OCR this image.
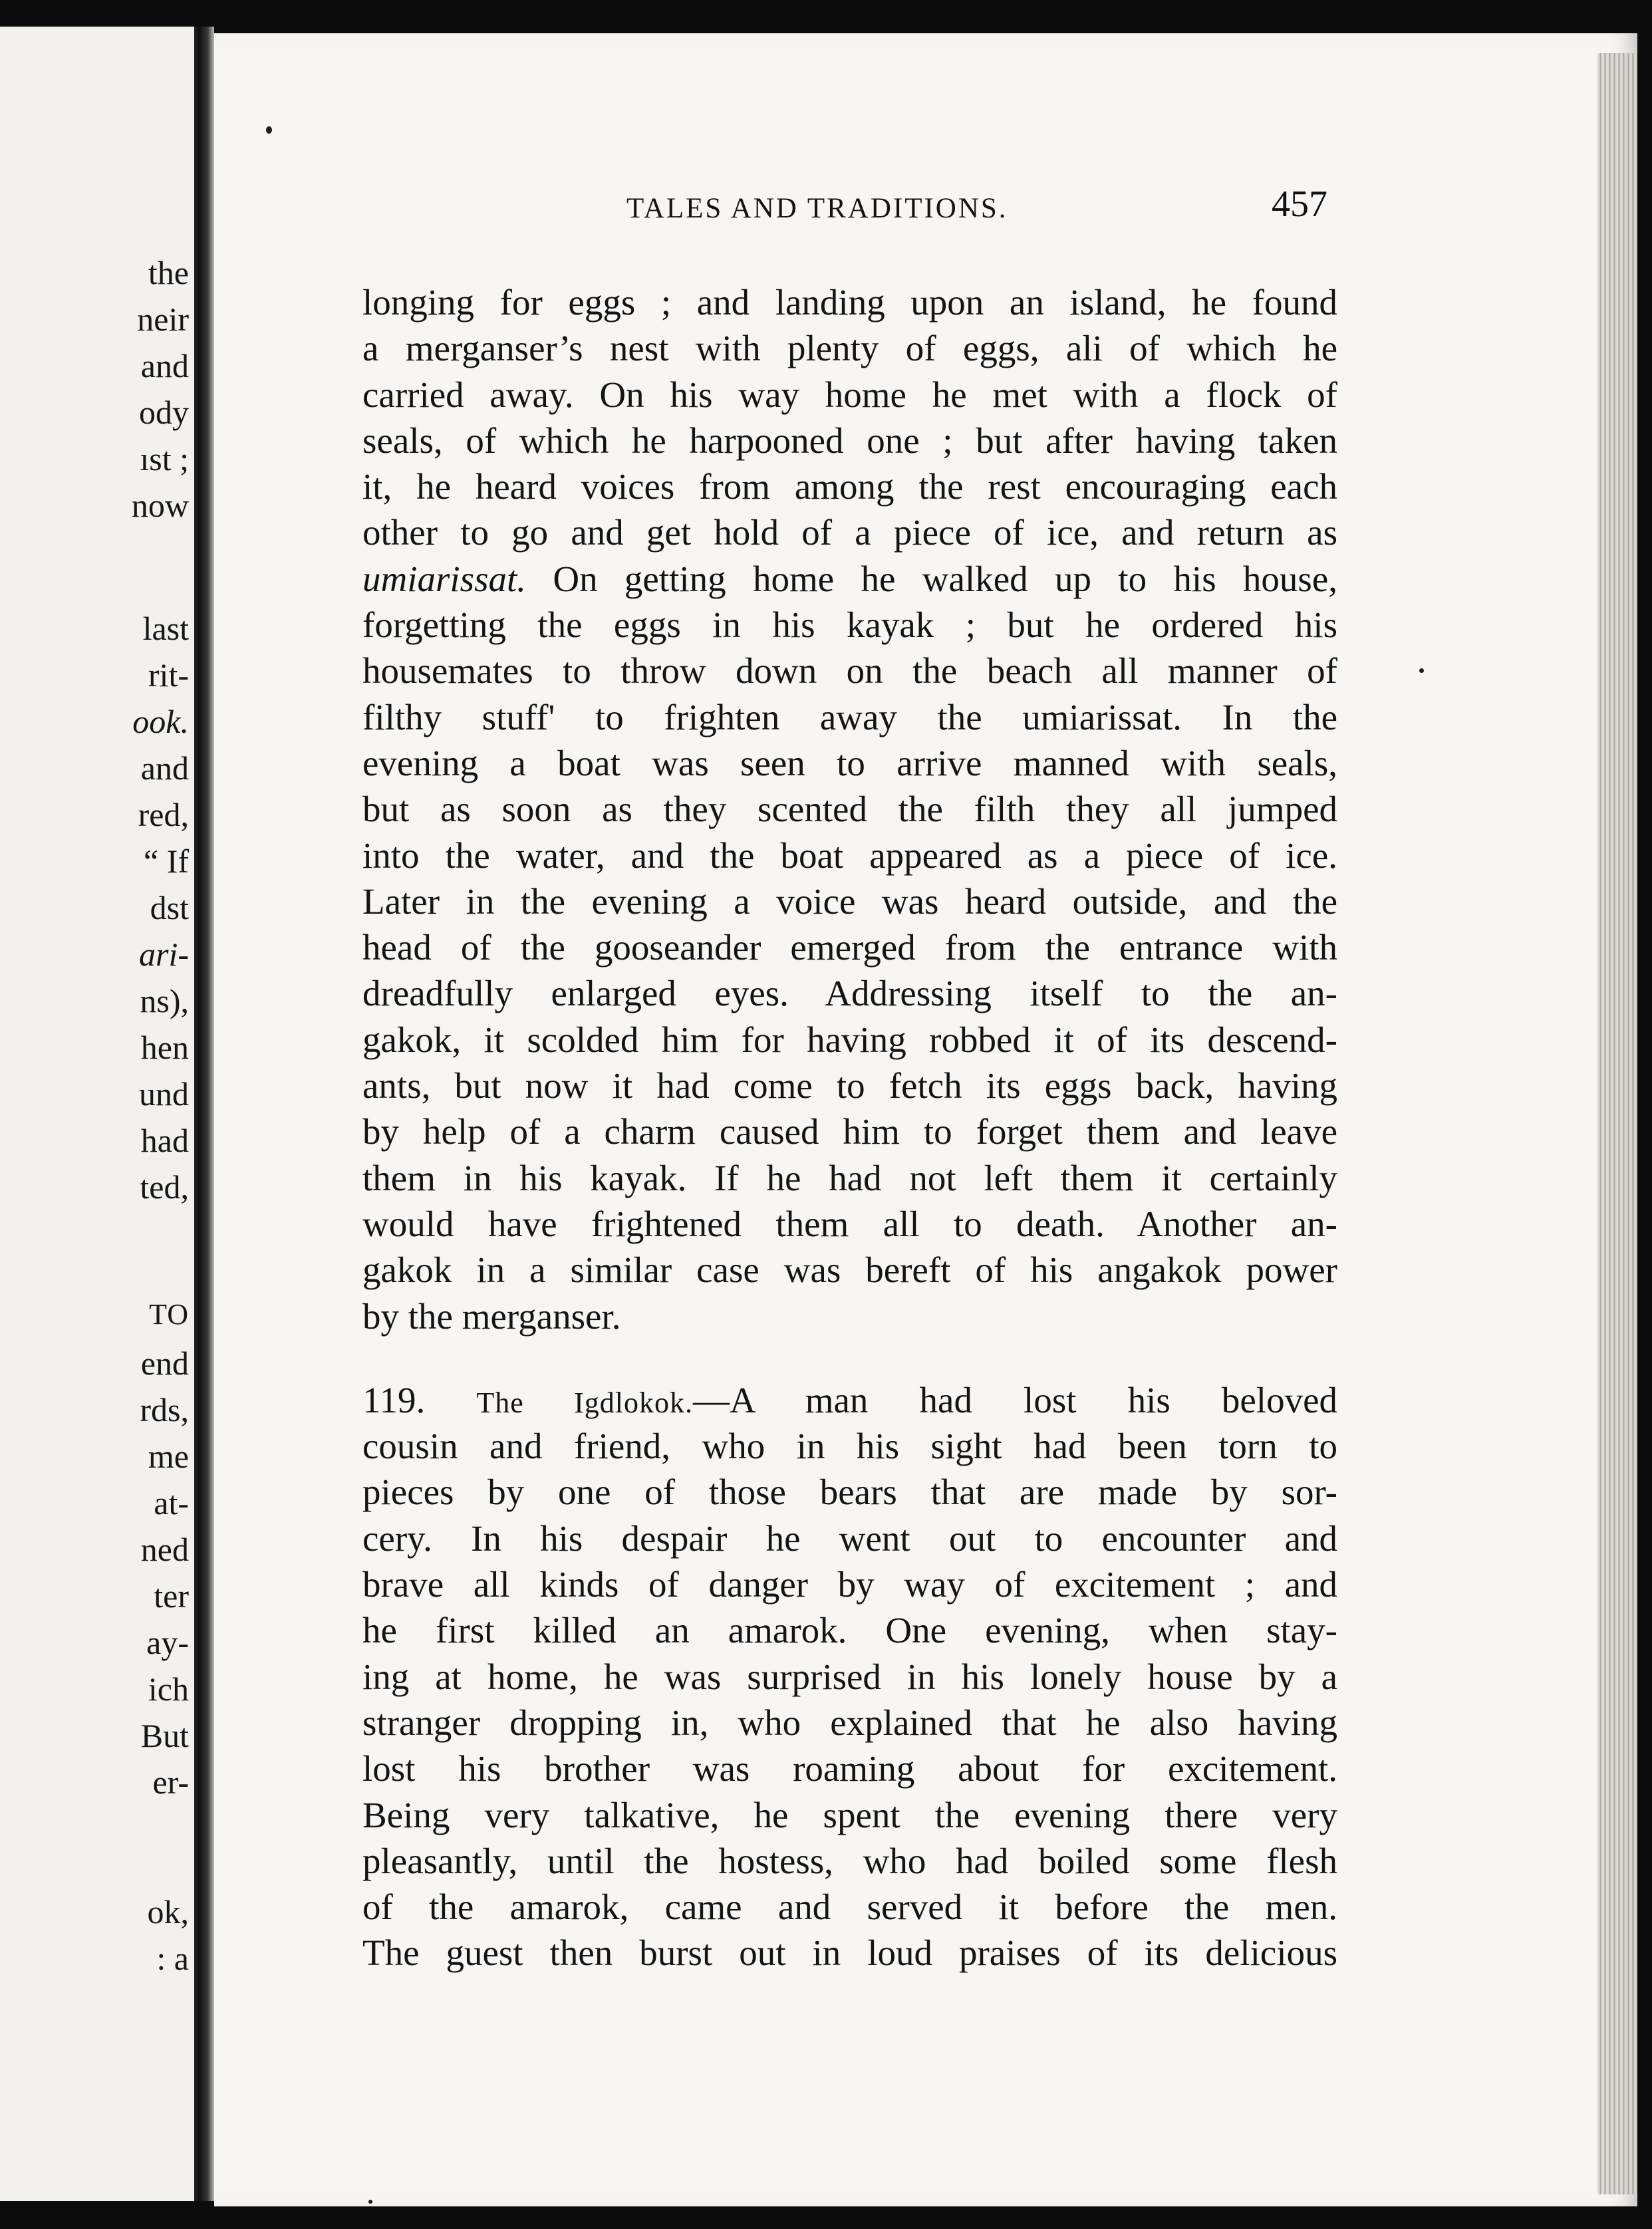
the
neir
and
ody
ıst ;
now
last
rit-
ook.
and
red,
“ If
dst
ari-
ns),
hen
und
had
ted,
TO
end
rds,
me
at-
ned
ter
ay-
ich
But
er-
ok,
: a
TALES AND TRADITIONS.	457
longing for eggs ; and landing upon an island, he found
a merganser’s nest with plenty of eggs, ali of which he
carried away. On his way home he met with a flock of
seals, of which he harpooned one ; but after having taken
it, he heard voices from among the rest encouraging each
other to go and get hold of a piece of ice, and return as
umiarissat. On getting home he walked up to his house,
forgetting the eggs in his kayak ; but he ordered his
housemates to throw down on the beach all manner of
filthy stuff' to frighten away the umiarissat. In the
evening a boat was seen to arrive manned with seals,
but as soon as they scented the filth they all jumped
into the water, and the boat appeared as a piece of ice.
Later in the evening a voice was heard outside, and the
head of the gooseander emerged from the entrance with
dreadfully enlarged eyes. Addressing itself to the an-
gakok, it scolded him for having robbed it of its descend-
ants, but now it had come to fetch its eggs back, having
by help of a charm caused him to forget them and leave
them in his kayak. If he had not left them it certainly
would have frightened them all to death. Another an-
gakok in a similar case was bereft of his angakok power
by the merganser.
119. The Igdlokok.—A man had lost his beloved
cousin and friend, who in his sight had been torn to
pieces by one of those bears that are made by sor-
cery. In his despair he went out to encounter and
brave all kinds of danger by way of excitement ; and
he first killed an amarok. One evening, when stay-
ing at home, he was surprised in his lonely house by a
stranger dropping in, who explained that he also having
lost his brother was roaming about for excitement.
Being very talkative, he spent the evening there very
pleasantly, until the hostess, who had boiled some flesh
of the amarok, came and served it before the men.
The guest then burst out in loud praises of its delicious
